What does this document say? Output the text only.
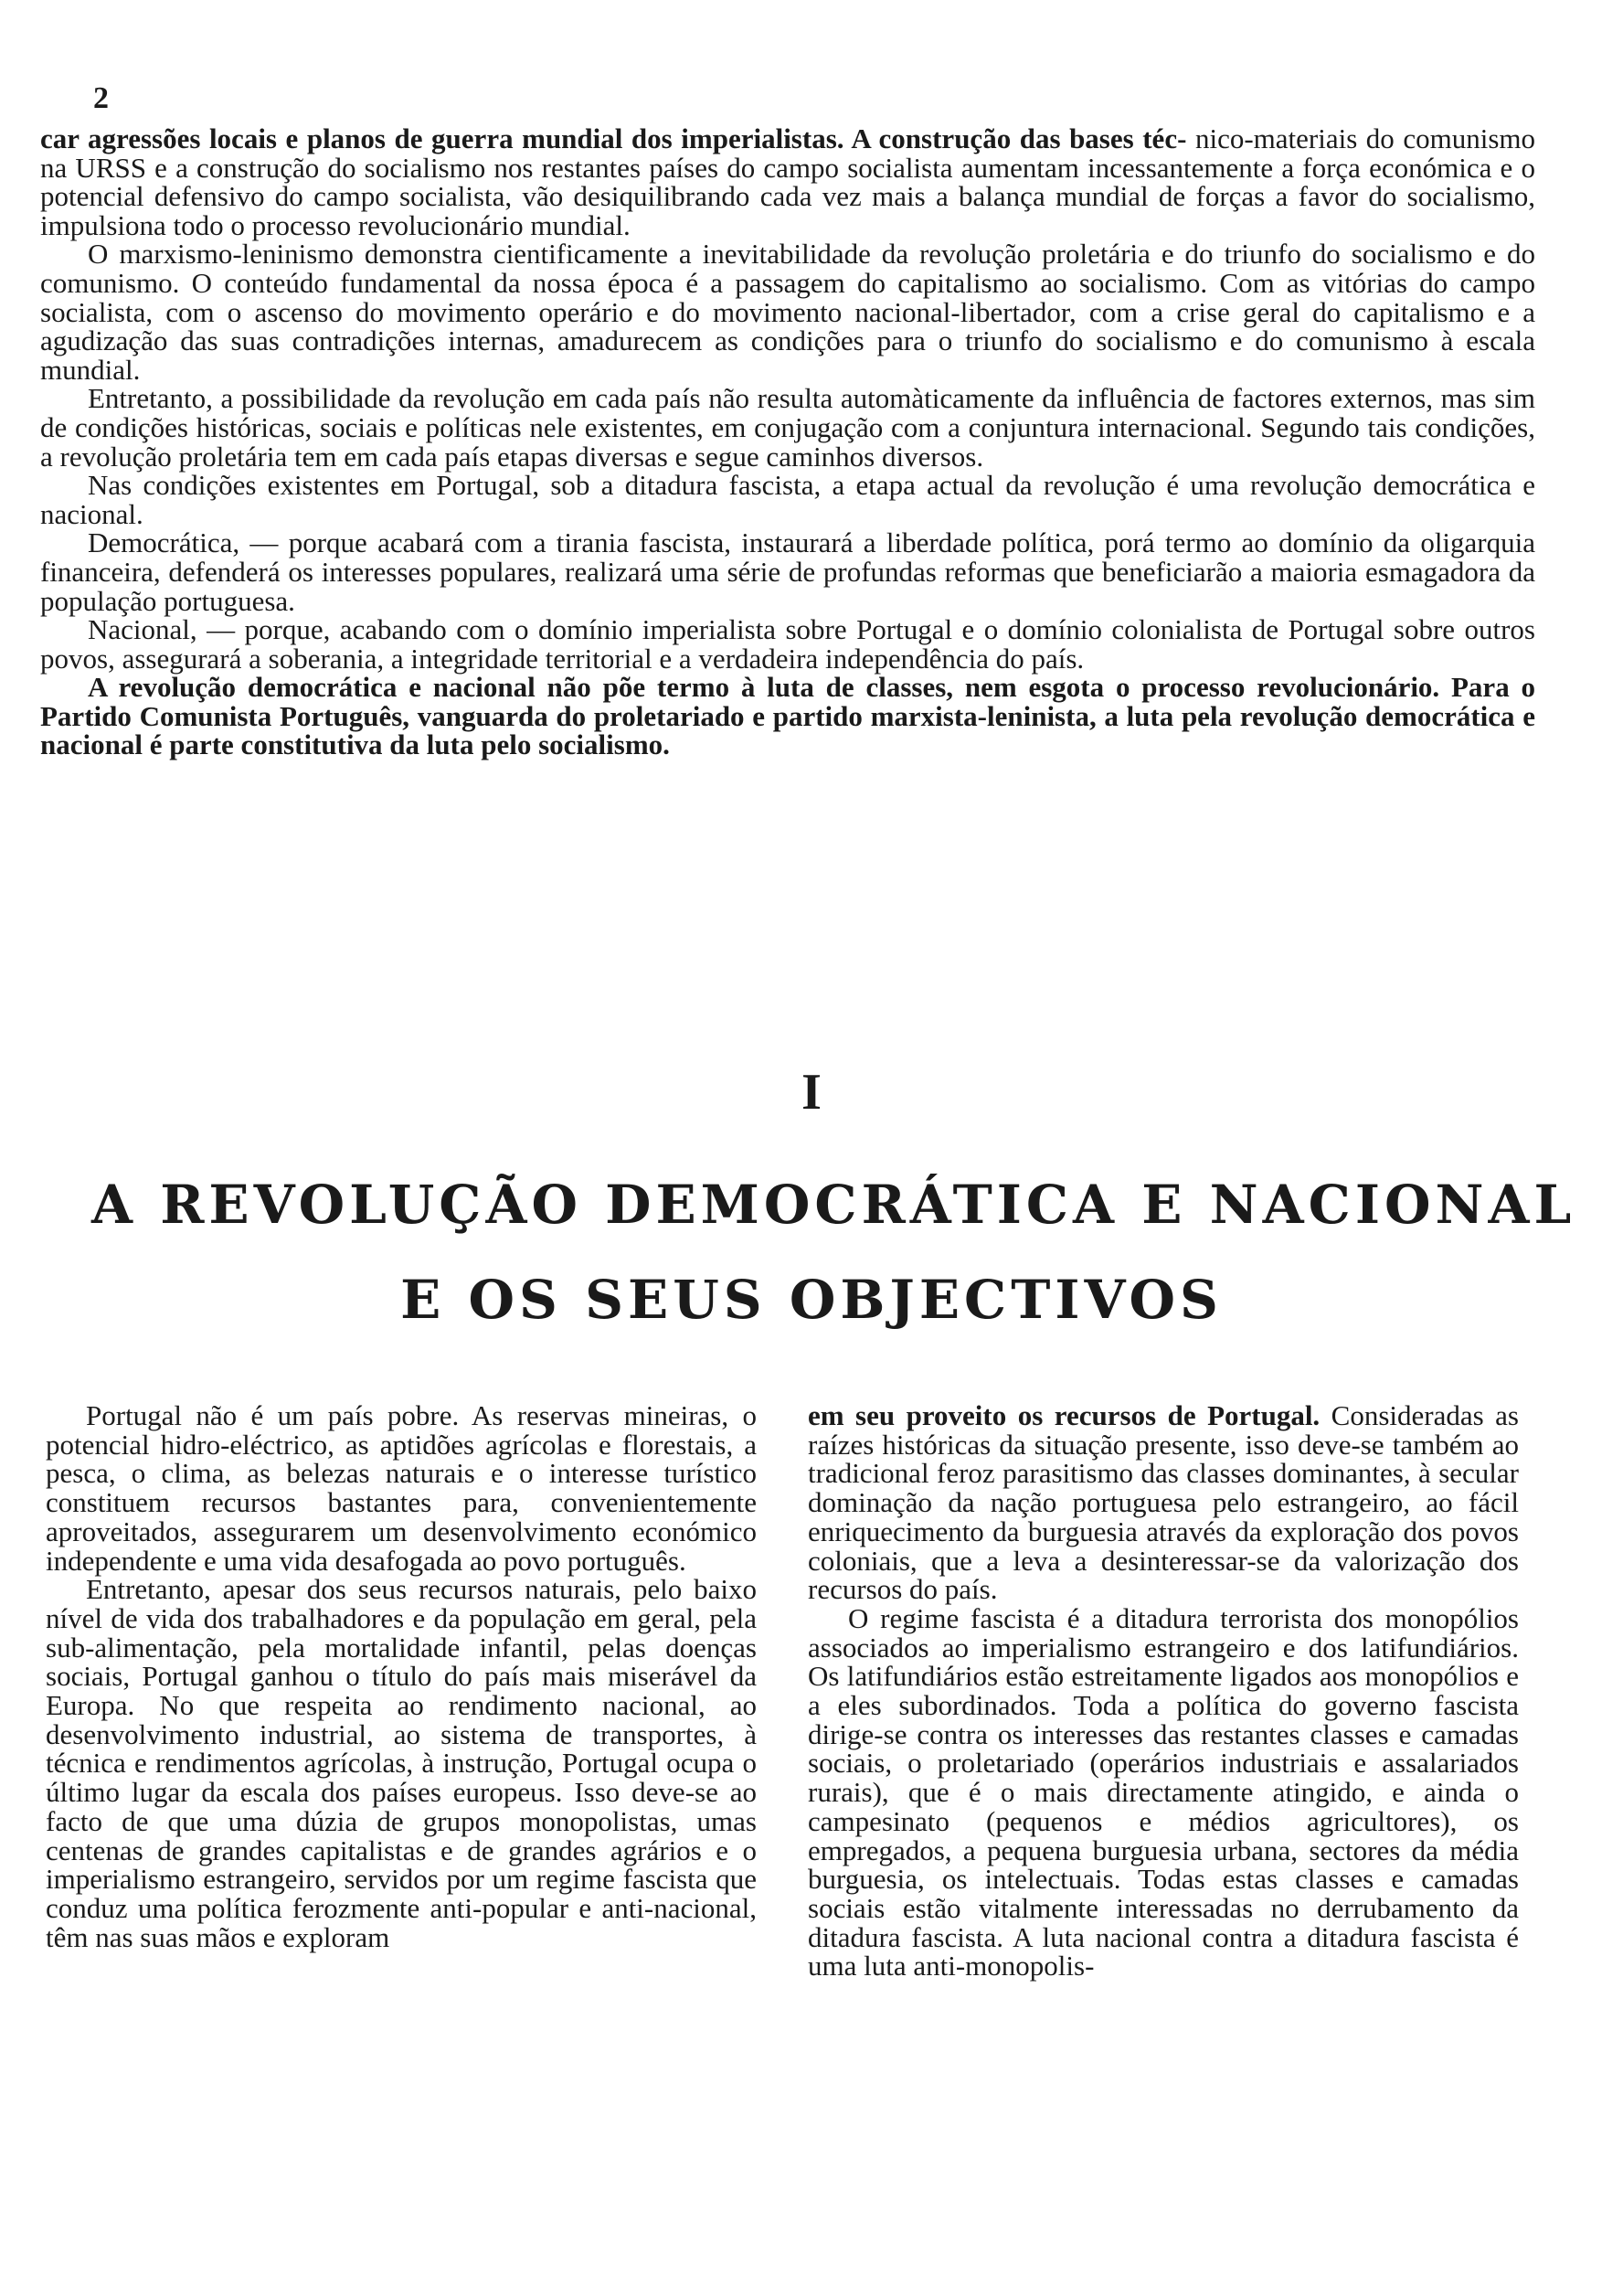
2

car agressões locais e planos de guerra mundial dos imperialistas. A construção das bases téc- nico-materiais do comunismo na URSS e a construção do socialismo nos restantes países do campo socialista aumentam incessantemente a força económica e o potencial defensivo do campo socialista, vão desiquilibrando cada vez mais a balança mundial de forças a favor do socialismo, impulsiona todo o processo revolucionário mundial.

O marxismo-leninismo demonstra cientificamente a inevitabilidade da revolução proletária e do triunfo do socialismo e do comunismo. O conteúdo fundamental da nossa época é a passagem do capitalismo ao socialismo. Com as vitórias do campo socialista, com o ascenso do movimento operário e do movimento nacional-libertador, com a crise geral do capitalismo e a agudização das suas contradições internas, amadurecem as condições para o triunfo do socialismo e do comunismo à escala mundial.

Entretanto, a possibilidade da revolução em cada país não resulta automàticamente da influência de factores externos, mas sim de condições históricas, sociais e políticas nele existentes, em conjugação com a conjuntura internacional. Segundo tais condições, a revolução proletária tem em cada país etapas diversas e segue caminhos diversos.

Nas condições existentes em Portugal, sob a ditadura fascista, a etapa actual da revolução é uma revolução democrática e nacional.

Democrática, — porque acabará com a tirania fascista, instaurará a liberdade política, porá termo ao domínio da oligarquia financeira, defenderá os interesses populares, realizará uma série de profundas reformas que beneficiarão a maioria esmagadora da população portuguesa.

Nacional, — porque, acabando com o domínio imperialista sobre Portugal e o domínio colonialista de Portugal sobre outros povos, assegurará a soberania, a integridade territorial e a verdadeira independência do país.

A revolução democrática e nacional não põe termo à luta de classes, nem esgota o processo revolucionário. Para o Partido Comunista Português, vanguarda do proletariado e partido marxista-leninista, a luta pela revolução democrática e nacional é parte constitutiva da luta pelo socialismo.

I
A REVOLUÇÃO DEMOCRÁTICA E NACIONAL
E OS SEUS OBJECTIVOS

Portugal não é um país pobre. As reservas mineiras, o potencial hidro-eléctrico, as aptidões agrícolas e florestais, a pesca, o clima, as belezas naturais e o interesse turístico constituem recursos bastantes para, convenientemente aproveitados, assegurarem um desenvolvimento económico independente e uma vida desafogada ao povo português.

Entretanto, apesar dos seus recursos naturais, pelo baixo nível de vida dos trabalhadores e da população em geral, pela sub-alimentação, pela mortalidade infantil, pelas doenças sociais, Portugal ganhou o título do país mais miserável da Europa. No que respeita ao rendimento nacional, ao desenvolvimento industrial, ao sistema de transportes, à técnica e rendimentos agrícolas, à instrução, Portugal ocupa o último lugar da escala dos países europeus. Isso deve-se ao facto de que uma dúzia de grupos monopolistas, umas centenas de grandes capitalistas e de grandes agrários e o imperialismo estrangeiro, servidos por um regime fascista que conduz uma política ferozmente anti-popular e anti-nacional, têm nas suas mãos e exploram

em seu proveito os recursos de Portugal. Consideradas as raízes históricas da situação presente, isso deve-se também ao tradicional feroz parasitismo das classes dominantes, à secular dominação da nação portuguesa pelo estrangeiro, ao fácil enriquecimento da burguesia através da exploração dos povos coloniais, que a leva a desinteressar-se da valorização dos recursos do país.

O regime fascista é a ditadura terrorista dos monopólios associados ao imperialismo estrangeiro e dos latifundiários. Os latifundiários estão estreitamente ligados aos monopólios e a eles subordinados. Toda a política do governo fascista dirige-se contra os interesses das restantes classes e camadas sociais, o proletariado (operários industriais e assalariados rurais), que é o mais directamente atingido, e ainda o campesinato (pequenos e médios agricultores), os empregados, a pequena burguesia urbana, sectores da média burguesia, os intelectuais. Todas estas classes e camadas sociais estão vitalmente interessadas no derrubamento da ditadura fascista. A luta nacional contra a ditadura fascista é uma luta anti-monopolis-
